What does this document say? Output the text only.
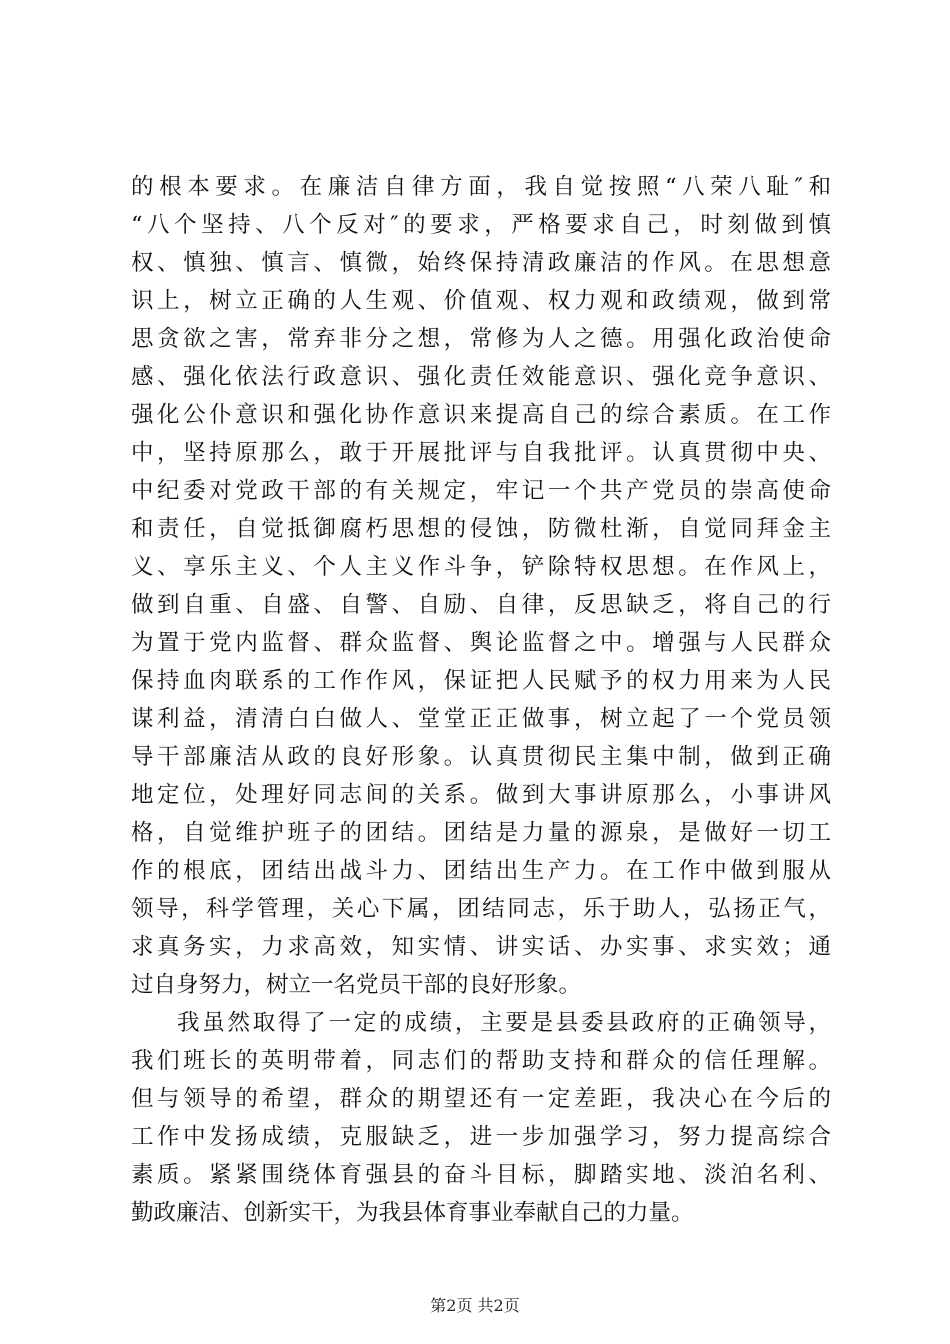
的根本要求。在廉洁自律方面，我自觉按照“八荣八耻″和
“八个坚持、八个反对″的要求，严格要求自己，时刻做到慎
权、慎独、慎言、慎微，始终保持清政廉洁的作风。在思想意
识上，树立正确的人生观、价值观、权力观和政绩观，做到常
思贪欲之害，常弃非分之想，常修为人之德。用强化政治使命
感、强化依法行政意识、强化责任效能意识、强化竞争意识、
强化公仆意识和强化协作意识来提高自己的综合素质。在工作
中，坚持原那么，敢于开展批评与自我批评。认真贯彻中央、
中纪委对党政干部的有关规定，牢记一个共产党员的崇高使命
和责任，自觉抵御腐朽思想的侵蚀，防微杜渐，自觉同拜金主
义、享乐主义、个人主义作斗争，铲除特权思想。在作风上，
做到自重、自盛、自警、自励、自律，反思缺乏，将自己的行
为置于党内监督、群众监督、舆论监督之中。增强与人民群众
保持血肉联系的工作作风，保证把人民赋予的权力用来为人民
谋利益，清清白白做人、堂堂正正做事，树立起了一个党员领
导干部廉洁从政的良好形象。认真贯彻民主集中制，做到正确
地定位，处理好同志间的关系。做到大事讲原那么，小事讲风
格，自觉维护班子的团结。团结是力量的源泉，是做好一切工
作的根底，团结出战斗力、团结出生产力。在工作中做到服从
领导，科学管理，关心下属，团结同志，乐于助人，弘扬正气，
求真务实，力求高效，知实情、讲实话、办实事、求实效；通
过自身努力，树立一名党员干部的良好形象。
我虽然取得了一定的成绩，主要是县委县政府的正确领导，
我们班长的英明带着，同志们的帮助支持和群众的信任理解。
但与领导的希望，群众的期望还有一定差距，我决心在今后的
工作中发扬成绩，克服缺乏，进一步加强学习，努力提高综合
素质。紧紧围绕体育强县的奋斗目标，脚踏实地、淡泊名利、
勤政廉洁、创新实干，为我县体育事业奉献自己的力量。
第2页 共2页
